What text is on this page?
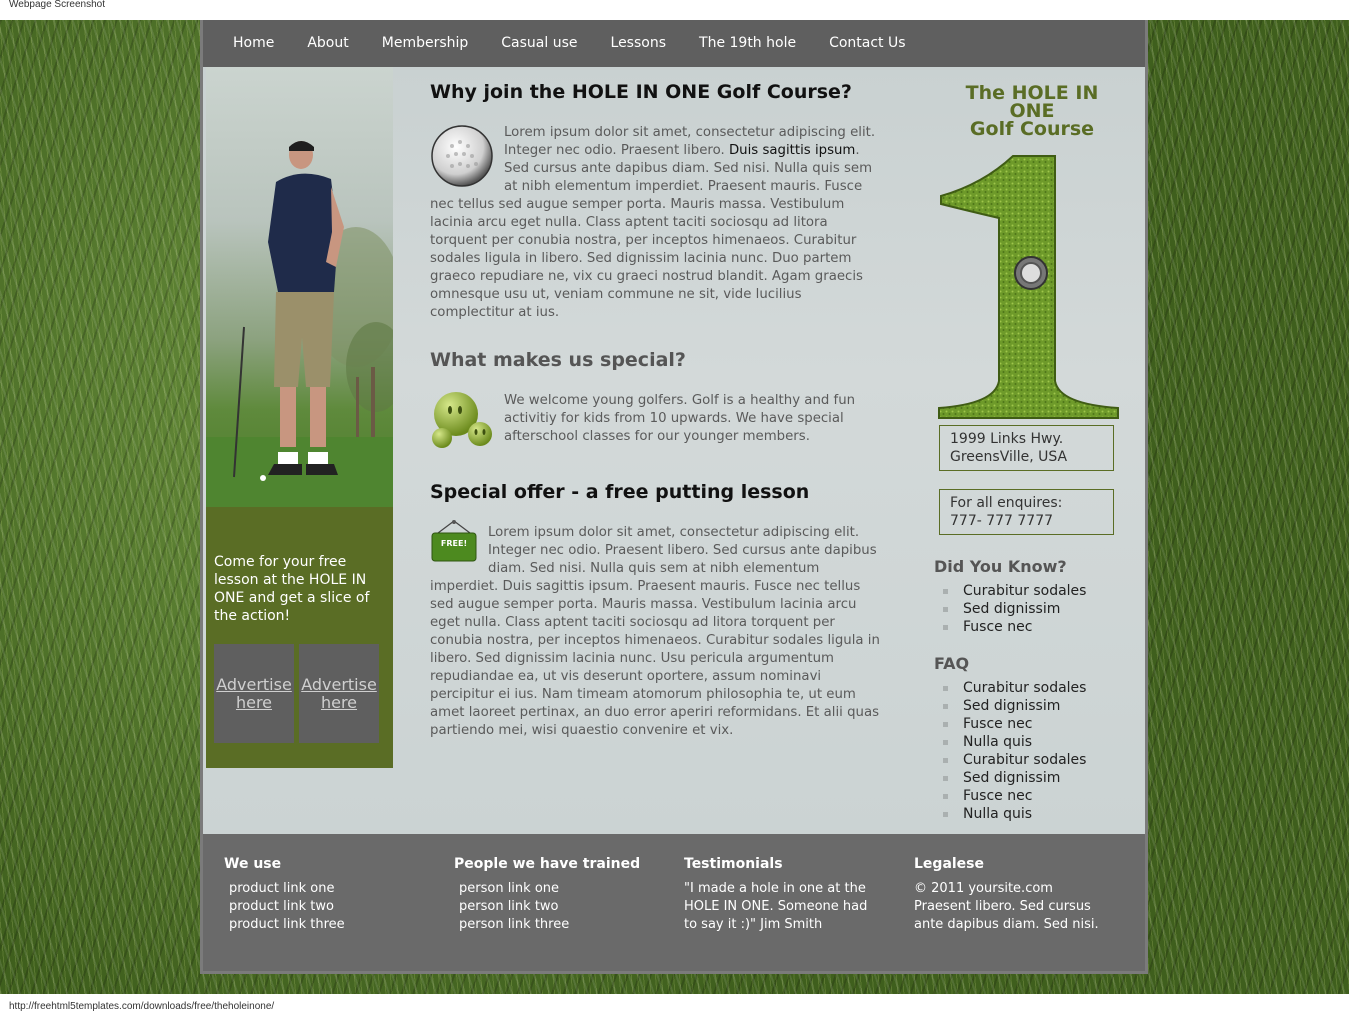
Webpage Screenshot
Home	About	Membership	Casual use	Lessons	The 19th hole	Contact Us

Come for your free lesson at the HOLE IN ONE and get a slice of the action!

Advertise here
Advertise here
Why join the HOLE IN ONE Golf Course?

Lorem ipsum dolor sit amet, consectetur adipiscing elit. Integer nec odio. Praesent libero. Duis sagittis ipsum. Sed cursus ante dapibus diam. Sed nisi. Nulla quis sem at nibh elementum imperdiet. Praesent mauris. Fusce nec tellus sed augue semper porta. Mauris massa. Vestibulum lacinia arcu eget nulla. Class aptent taciti sociosqu ad litora torquent per conubia nostra, per inceptos himenaeos. Curabitur sodales ligula in libero. Sed dignissim lacinia nunc. Duo partem graeco repudiare ne, vix cu graeci nostrud blandit. Agam graecis omnesque usu ut, veniam commune ne sit, vide lucilius complectitur at ius.

What makes us special?

We welcome young golfers. Golf is a healthy and fun activitiy for kids from 10 upwards. We have special afterschool classes for our younger members.

Special offer - a free putting lesson
FREE!

Lorem ipsum dolor sit amet, consectetur adipiscing elit. Integer nec odio. Praesent libero. Sed cursus ante dapibus diam. Sed nisi. Nulla quis sem at nibh elementum imperdiet. Duis sagittis ipsum. Praesent mauris. Fusce nec tellus sed augue semper porta. Mauris massa. Vestibulum lacinia arcu eget nulla. Class aptent taciti sociosqu ad litora torquent per conubia nostra, per inceptos himenaeos. Curabitur sodales ligula in libero. Sed dignissim lacinia nunc. Usu pericula argumentum repudiandae ea, ut vis deserunt oportere, assum nominavi percipitur ei ius. Nam timeam atomorum philosophia te, ut eum amet laoreet pertinax, an duo error aperiri reformidans. Et alii quas partiendo mei, wisi quaestio convenire et vix.

The HOLE IN ONE
Golf Course
1999 Links Hwy.
GreensVille, USA
For all enquires:
777- 777 7777
Did You Know?
Curabitur sodales
Sed dignissim
Fusce nec
FAQ
Curabitur sodales
Sed dignissim
Fusce nec
Nulla quis
Curabitur sodales
Sed dignissim
Fusce nec
Nulla quis
We use
product link one
product link two
product link three
People we have trained
person link one
person link two
person link three
Testimonials

"I made a hole in one at the HOLE IN ONE. Someone had to say it :)" Jim Smith

Legalese

© 2011 yoursite.com Praesent libero. Sed cursus ante dapibus diam. Sed nisi.

http://freehtml5templates.com/downloads/free/theholeinone/
